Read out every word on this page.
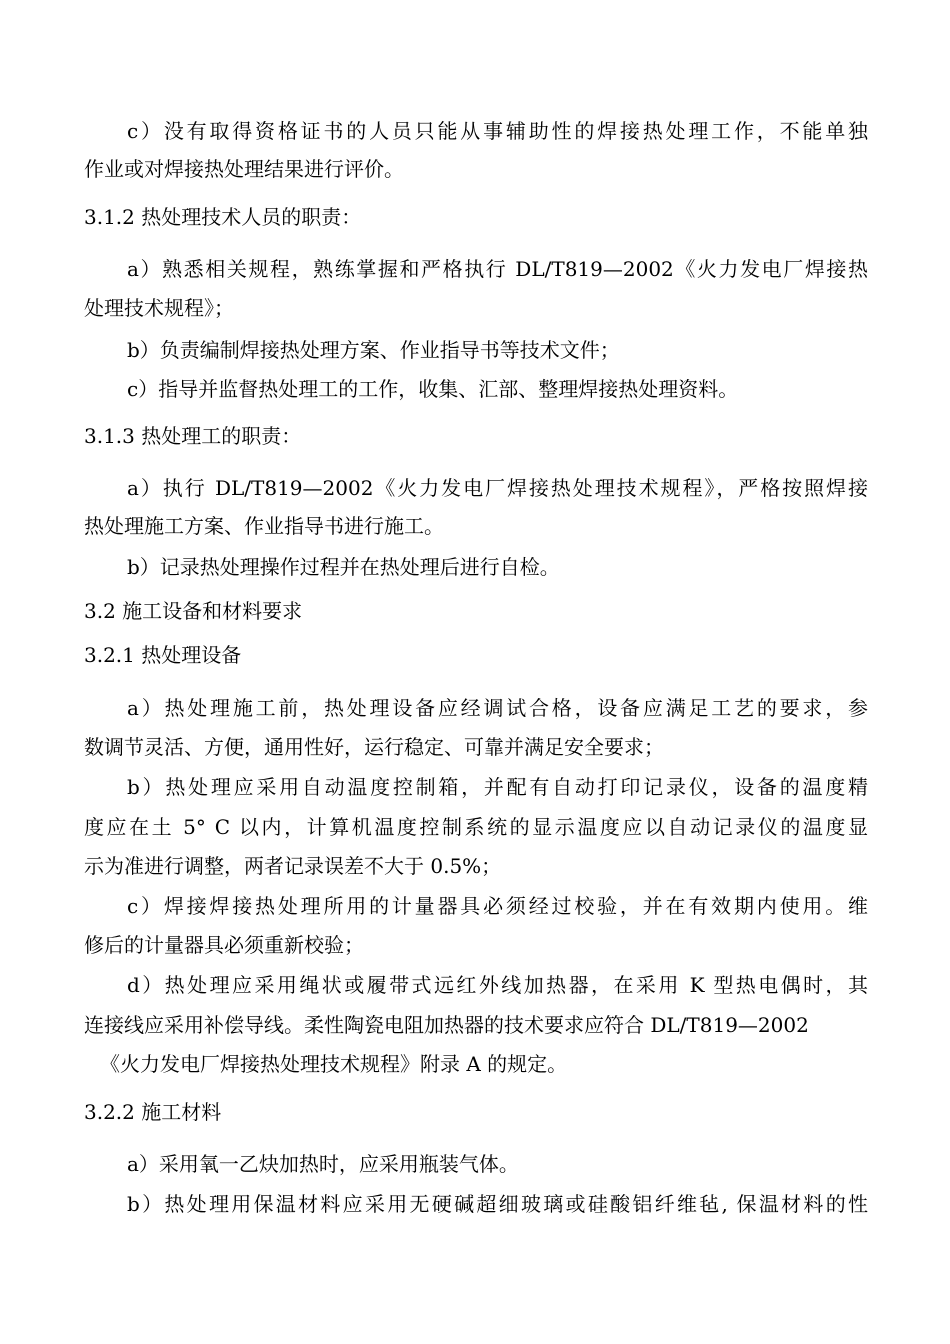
c）没有取得资格证书的人员只能从事辅助性的焊接热处理工作，不能单独
作业或对焊接热处理结果进行评价。
3.1.2 热处理技术人员的职责：
a）熟悉相关规程，熟练掌握和严格执行 DL/T819—2002《火力发电厂焊接热
处理技术规程》；
b）负责编制焊接热处理方案、作业指导书等技术文件；
c）指导并监督热处理工的工作，收集、汇部、整理焊接热处理资料。
3.1.3 热处理工的职责：
a）执行 DL/T819—2002《火力发电厂焊接热处理技术规程》，严格按照焊接
热处理施工方案、作业指导书进行施工。
b）记录热处理操作过程并在热处理后进行自检。
3.2 施工设备和材料要求
3.2.1 热处理设备
a）热处理施工前，热处理设备应经调试合格，设备应满足工艺的要求，参
数调节灵活、方便，通用性好，运行稳定、可靠并满足安全要求；
b）热处理应采用自动温度控制箱，并配有自动打印记录仪，设备的温度精
度应在土 5° C 以内，计算机温度控制系统的显示温度应以自动记录仪的温度显
示为准进行调整，两者记录误差不大于 0.5%；
c）焊接焊接热处理所用的计量器具必须经过校验，并在有效期内使用。维
修后的计量器具必须重新校验；
d）热处理应采用绳状或履带式远红外线加热器，在采用 K 型热电偶时，其
连接线应采用补偿导线。柔性陶瓷电阻加热器的技术要求应符合 DL/T819—2002
《火力发电厂焊接热处理技术规程》附录 A 的规定。
3.2.2 施工材料
a）采用氧一乙炔加热时，应采用瓶装气体。
b）热处理用保温材料应采用无硬碱超细玻璃或硅酸铝纤维毡, 保温材料的性
